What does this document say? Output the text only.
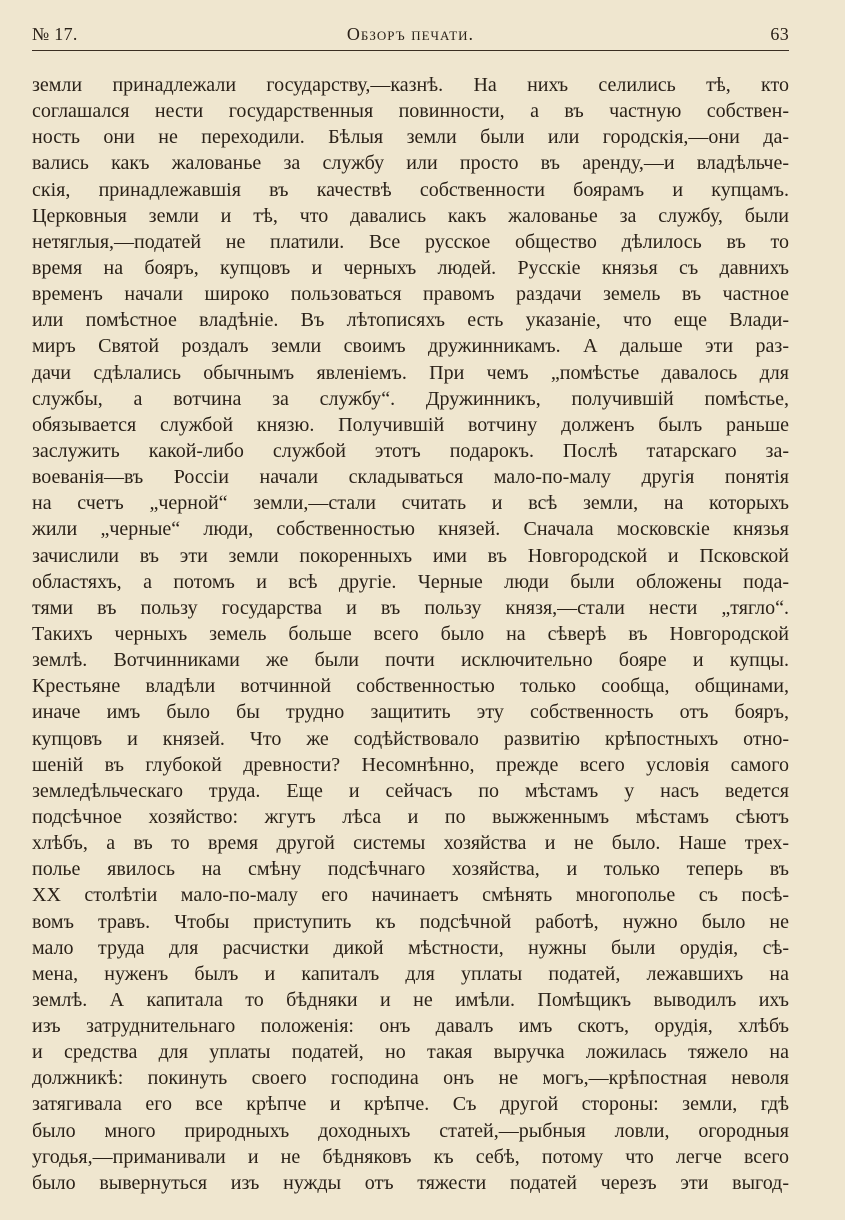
№ 17.	Обзоръ печати.	63
земли принадлежали государству,—казнѣ. На нихъ селились тѣ, кто
соглашался нести государственныя повинности, а въ частную собствен-
ность они не переходили. Бѣлыя земли были или городскія,—они да-
вались какъ жалованье за службу или просто въ аренду,—и владѣльче-
скія, принадлежавшія въ качествѣ собственности боярамъ и купцамъ.
Церковныя земли и тѣ, что давались какъ жалованье за службу, были
нетяглыя,—податей не платили. Все русское общество дѣлилось въ то
время на бояръ, купцовъ и черныхъ людей. Русскіе князья съ давнихъ
временъ начали широко пользоваться правомъ раздачи земель въ частное
или помѣстное владѣніе. Въ лѣтописяхъ есть указаніе, что еще Влади-
миръ Святой роздалъ земли своимъ дружинникамъ. А дальше эти раз-
дачи сдѣлались обычнымъ явленіемъ. При чемъ „помѣстье давалось для
службы, а вотчина за службу“. Дружинникъ, получившій помѣстье,
обязывается службой князю. Получившій вотчину долженъ былъ раньше
заслужить какой-либо службой этотъ подарокъ. Послѣ татарскаго за-
воеванія—въ Россіи начали складываться мало-по-малу другія понятія
на счетъ „черной“ земли,—стали считать и всѣ земли, на которыхъ
жили „черные“ люди, собственностью князей. Сначала московскіе князья
зачислили въ эти земли покоренныхъ ими въ Новгородской и Псковской
областяхъ, а потомъ и всѣ другіе. Черные люди были обложены пода-
тями въ пользу государства и въ пользу князя,—стали нести „тягло“.
Такихъ черныхъ земель больше всего было на сѣверѣ въ Новгородской
землѣ. Вотчинниками же были почти исключительно бояре и купцы.
Крестьяне владѣли вотчинной собственностью только сообща, общинами,
иначе имъ было бы трудно защитить эту собственность отъ бояръ,
купцовъ и князей. Что же содѣйствовало развитію крѣпостныхъ отно-
шеній въ глубокой древности? Несомнѣнно, прежде всего условія самого
земледѣльческаго труда. Еще и сейчасъ по мѣстамъ у насъ ведется
подсѣчное хозяйство: жгутъ лѣса и по выжженнымъ мѣстамъ сѣютъ
хлѣбъ, а въ то время другой системы хозяйства и не было. Наше трех-
полье явилось на смѣну подсѣчнаго хозяйства, и только теперь въ
XX столѣтіи мало-по-малу его начинаетъ смѣнять многополье съ посѣ-
вомъ травъ. Чтобы приступить къ подсѣчной работѣ, нужно было не
мало труда для расчистки дикой мѣстности, нужны были орудія, сѣ-
мена, нуженъ былъ и капиталъ для уплаты податей, лежавшихъ на
землѣ. А капитала то бѣдняки и не имѣли. Помѣщикъ выводилъ ихъ
изъ затруднительнаго положенія: онъ давалъ имъ скотъ, орудія, хлѣбъ
и средства для уплаты податей, но такая выручка ложилась тяжело на
должникѣ: покинуть своего господина онъ не могъ,—крѣпостная неволя
затягивала его все крѣпче и крѣпче. Съ другой стороны: земли, гдѣ
было много природныхъ доходныхъ статей,—рыбныя ловли, огородныя
угодья,—приманивали и не бѣдняковъ къ себѣ, потому что легче всего
было вывернуться изъ нужды отъ тяжести податей черезъ эти выгод-
